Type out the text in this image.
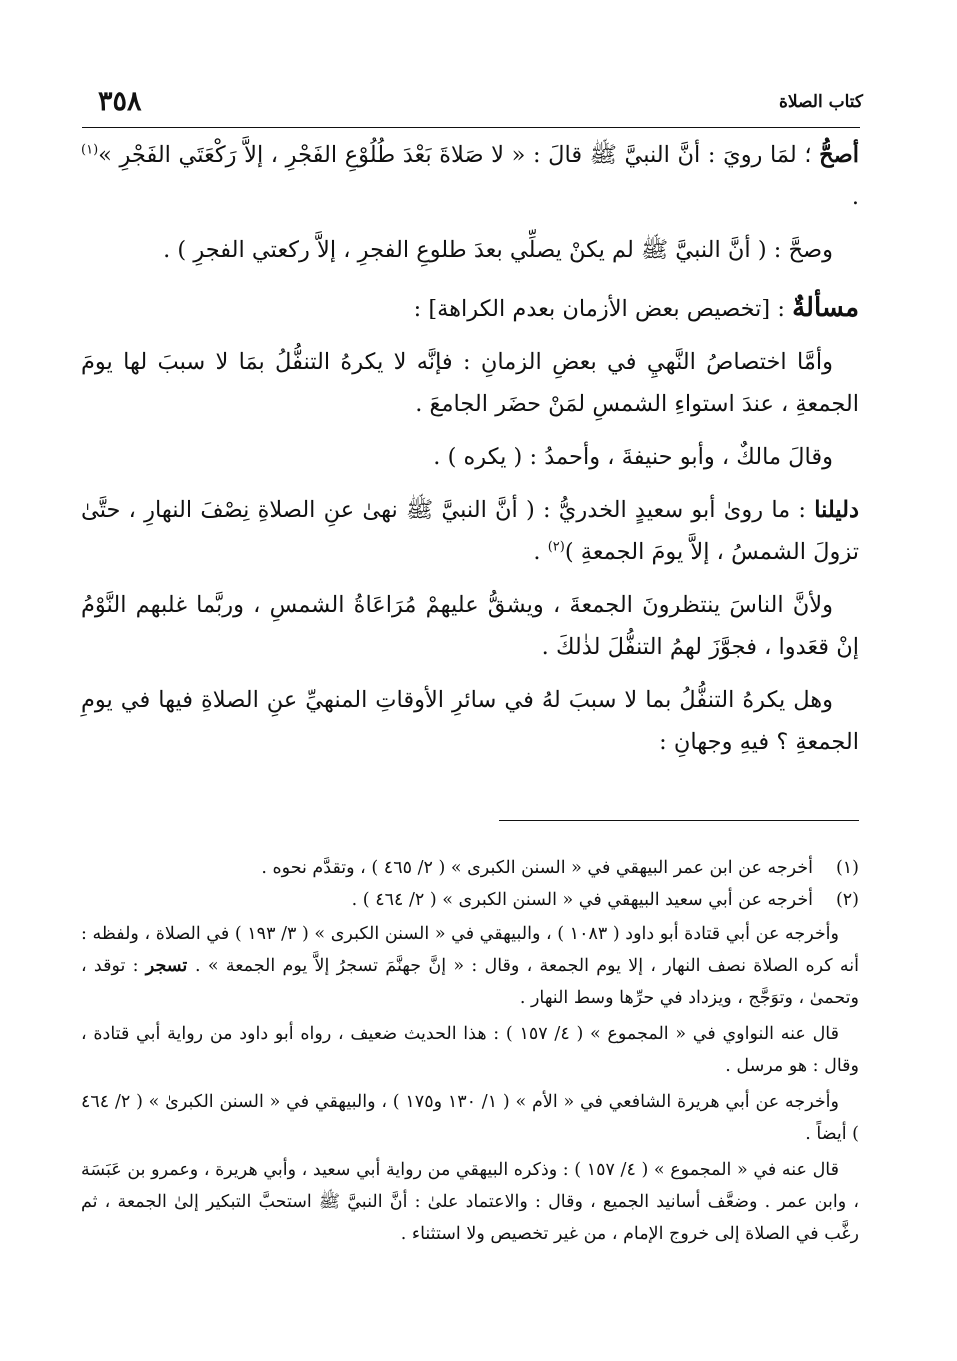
كتاب الصلاة
٣٥٨

أصحُّ ؛ لمَا رويَ : أنَّ النبيَّ ﷺ قالَ : « لا صَلاةَ بَعْدَ طُلُوْعِ الفَجْرِ ، إلاَّ رَكْعَتَي الفَجْرِ »$^{(١)}$ .

وصحَّ : ( أنَّ النبيَّ ﷺ لم يكنْ يصلِّي بعدَ طلوعِ الفجرِ ، إلاَّ ركعتي الفجرِ ) .

مسألةٌ : [تخصيص بعض الأزمان بعدم الكراهة] :

وأمَّا اختصاصُ النَّهيِ في بعضِ الزمانِ : فإنَّه لا يكرهُ التنفُّلُ بمَا لا سببَ لها يومَ الجمعةِ ، عندَ استواءِ الشمسِ لمَنْ حضَر الجامعَ .

وقالَ مالكٌ ، وأبو حنيفةَ ، وأحمدُ : ( يكره ) .

دليلنا : ما روىٰ أبو سعيدٍ الخدريُّ : ( أنَّ النبيَّ ﷺ نهىٰ عنِ الصلاةِ نِصْفَ النهارِ ، حتَّىٰ تزولَ الشمسُ ، إلاَّ يومَ الجمعةِ )$^{(٢)}$ .

ولأنَّ الناسَ ينتظرونَ الجمعةَ ، ويشقُّ عليهمْ مُرَاعَاةُ الشمسِ ، وربَّما غلبهم النَّوْمُ إنْ قعَدوا ، فجوَّزَ لهمُ التنفُّلَ لذٰلكَ .

وهل يكرهُ التنفُّلُ بما لا سببَ لهُ في سائرِ الأوقاتِ المنهيِّ عنِ الصلاةِ فيها في يومِ الجمعةِ ؟ فيهِ وجهانِ :

(١)
أخرجه عن ابن عمر البيهقي في « السنن الكبرى » ( ٢/ ٤٦٥ ) ، وتقدَّم نحوه .
(٢)
أخرجه عن أبي سعيد البيهقي في « السنن الكبرى » ( ٢/ ٤٦٤ ) .

وأخرجه عن أبي قتادة أبو داود ( ١٠٨٣ ) ، والبيهقي في « السنن الكبرى » ( ٣/ ١٩٣ ) في الصلاة ، ولفظه : أنه كره الصلاة نصف النهار ، إلا يوم الجمعة ، وقال : « إنَّ جهنَّمَ تسجرُ إلاَّ يوم الجمعة » . تسجر : توقد ، وتحمىٰ ، وتوَجَّج ، ويزداد في حرِّها وسط النهار .

قال عنه النواوي في « المجموع » ( ٤/ ١٥٧ ) : هذا الحديث ضعيف ، رواه أبو داود من رواية أبي قتادة ، وقال : هو مرسل .

وأخرجه عن أبي هريرة الشافعي في « الأم » ( ١/ ١٣٠ و١٧٥ ) ، والبيهقي في « السنن الكبرىٰ » ( ٢/ ٤٦٤ ) أيضاً .

قال عنه في « المجموع » ( ٤/ ١٥٧ ) : وذكره البيهقي من رواية أبي سعيد ، وأبي هريرة ، وعمرو بن عَبَسَة ، وابن عمر . وضعَّف أسانيد الجميع ، وقال : والاعتماد علىٰ : أنَّ النبيَّ ﷺ استحبَّ التبكير إلىٰ الجمعة ، ثم رغَّب في الصلاة إلى خروج الإمام ، من غير تخصيص ولا استثناء .
